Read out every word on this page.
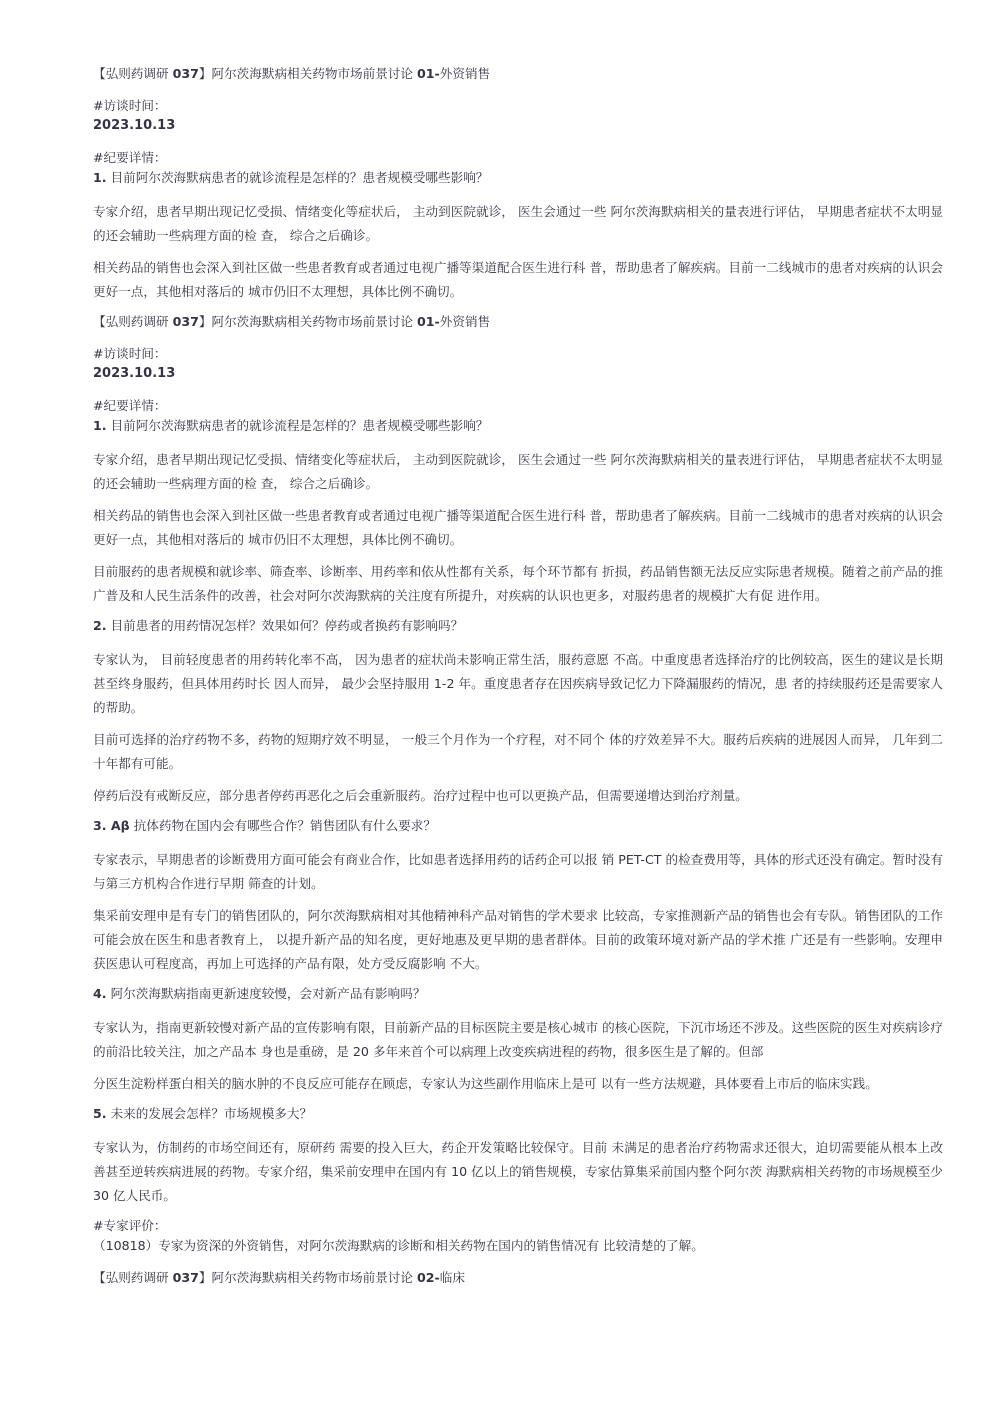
【弘则药调研 037】阿尔茨海默病相关药物市场前景讨论 01-外资销售
#访谈时间：
2023.10.13
#纪要详情：
1. 目前阿尔茨海默病患者的就诊流程是怎样的？患者规模受哪些影响？
专家介绍，患者早期出现记忆受损、情绪变化等症状后， 主动到医院就诊， 医生会通过一些 阿尔茨海默病相关的量表进行评估， 早期患者症状不太明显的还会辅助一些病理方面的检 查， 综合之后确诊。
相关药品的销售也会深入到社区做一些患者教育或者通过电视广播等渠道配合医生进行科 普，帮助患者了解疾病。目前一二线城市的患者对疾病的认识会更好一点，其他相对落后的 城市仍旧不太理想，具体比例不确切。
【弘则药调研 037】阿尔茨海默病相关药物市场前景讨论 01-外资销售
#访谈时间：
2023.10.13
#纪要详情：
1. 目前阿尔茨海默病患者的就诊流程是怎样的？患者规模受哪些影响？
专家介绍，患者早期出现记忆受损、情绪变化等症状后， 主动到医院就诊， 医生会通过一些 阿尔茨海默病相关的量表进行评估， 早期患者症状不太明显的还会辅助一些病理方面的检 查， 综合之后确诊。
相关药品的销售也会深入到社区做一些患者教育或者通过电视广播等渠道配合医生进行科 普，帮助患者了解疾病。目前一二线城市的患者对疾病的认识会更好一点，其他相对落后的 城市仍旧不太理想，具体比例不确切。
目前服药的患者规模和就诊率、筛查率、诊断率、用药率和依从性都有关系，每个环节都有 折损，药品销售额无法反应实际患者规模。随着之前产品的推广普及和人民生活条件的改善，社会对阿尔茨海默病的关注度有所提升，对疾病的认识也更多，对服药患者的规模扩大有促 进作用。
2. 目前患者的用药情况怎样？效果如何？停药或者换药有影响吗？
专家认为， 目前轻度患者的用药转化率不高， 因为患者的症状尚未影响正常生活，服药意愿 不高。中重度患者选择治疗的比例较高，医生的建议是长期甚至终身服药，但具体用药时长 因人而异， 最少会坚持服用 1-2 年。重度患者存在因疾病导致记忆力下降漏服药的情况，患 者的持续服药还是需要家人的帮助。
目前可选择的治疗药物不多，药物的短期疗效不明显， 一般三个月作为一个疗程，对不同个 体的疗效差异不大。服药后疾病的进展因人而异， 几年到二十年都有可能。
停药后没有戒断反应，部分患者停药再恶化之后会重新服药。治疗过程中也可以更换产品，但需要递增达到治疗剂量。
3. Aβ 抗体药物在国内会有哪些合作？销售团队有什么要求？
专家表示，早期患者的诊断费用方面可能会有商业合作，比如患者选择用药的话药企可以报 销 PET-CT 的检查费用等，具体的形式还没有确定。暂时没有与第三方机构合作进行早期 筛查的计划。
集采前安理申是有专门的销售团队的，阿尔茨海默病相对其他精神科产品对销售的学术要求 比较高，专家推测新产品的销售也会有专队。销售团队的工作可能会放在医生和患者教育上， 以提升新产品的知名度，更好地惠及更早期的患者群体。目前的政策环境对新产品的学术推 广还是有一些影响。安理申获医患认可程度高，再加上可选择的产品有限，处方受反腐影响 不大。
4. 阿尔茨海默病指南更新速度较慢，会对新产品有影响吗？
专家认为，指南更新较慢对新产品的宣传影响有限，目前新产品的目标医院主要是核心城市 的核心医院，下沉市场还不涉及。这些医院的医生对疾病诊疗的前沿比较关注，加之产品本 身也是重磅，是 20 多年来首个可以病理上改变疾病进程的药物，很多医生是了解的。但部
分医生淀粉样蛋白相关的脑水肿的不良反应可能存在顾虑，专家认为这些副作用临床上是可 以有一些方法规避，具体要看上市后的临床实践。
5. 未来的发展会怎样？市场规模多大？
专家认为，仿制药的市场空间还有，原研药 需要的投入巨大，药企开发策略比较保守。目前 未满足的患者治疗药物需求还很大，迫切需要能从根本上改善甚至逆转疾病进展的药物。专家介绍，集采前安理申在国内有 10 亿以上的销售规模，专家估算集采前国内整个阿尔茨 海默病相关药物的市场规模至少 30 亿人民币。
#专家评价：
（10818）专家为资深的外资销售，对阿尔茨海默病的诊断和相关药物在国内的销售情况有 比较清楚的了解。
【弘则药调研 037】阿尔茨海默病相关药物市场前景讨论 02-临床
